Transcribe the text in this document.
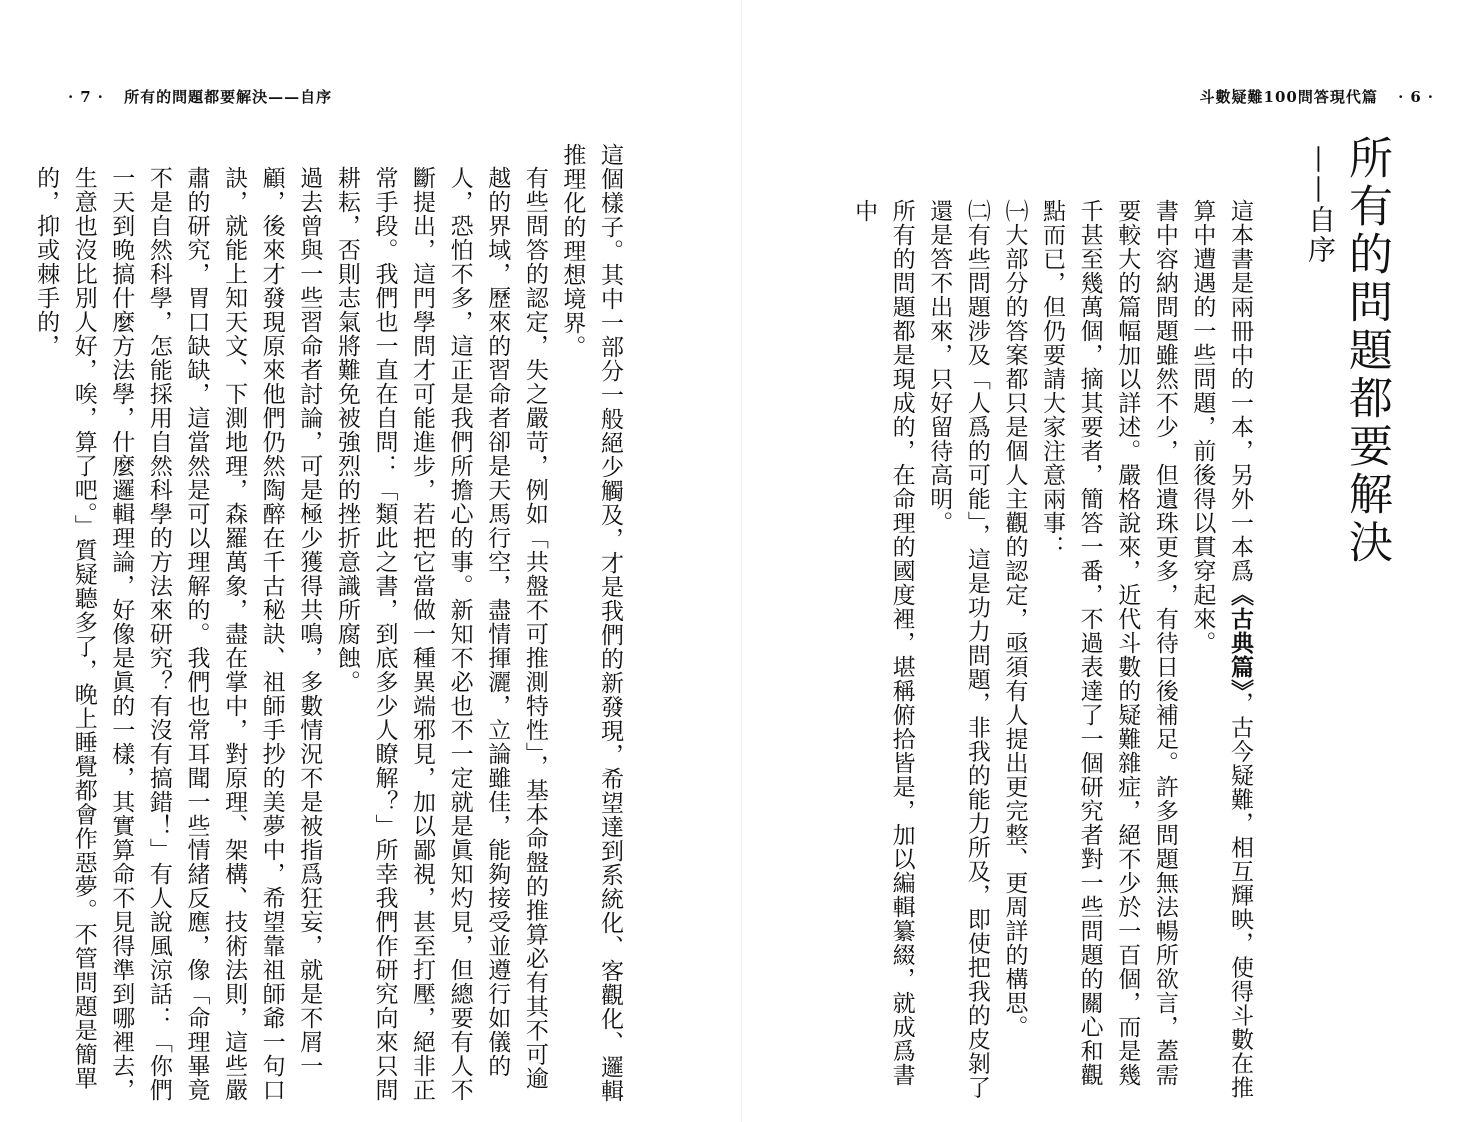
· 7 · 所有的問題都要解決——自序

這個樣子。其中一部分一般絕少觸及，才是我們的新發現，希望達到系統化、客觀化、邏輯推理化的理想境界。

有些問答的認定，失之嚴苛，例如「共盤不可推測特性」，基本命盤的推算必有其不可逾越的界域，歷來的習命者卻是天馬行空，盡情揮灑，立論雖佳，能夠接受並遵行如儀的人，恐怕不多，這正是我們所擔心的事。新知不必也不一定就是眞知灼見，但總要有人不斷提出，這門學問才可能進步，若把它當做一種異端邪見，加以鄙視，甚至打壓，絕非正常手段。我們也一直在自問：「類此之書，到底多少人瞭解？」所幸我們作研究向來只問耕耘，否則志氣將難免被強烈的挫折意識所腐蝕。

過去曾與一些習命者討論，可是極少獲得共鳴，多數情況不是被指爲狂妄，就是不屑一顧，後來才發現原來他們仍然陶醉在千古秘訣、祖師手抄的美夢中，希望靠祖師爺一句口訣，就能上知天文、下測地理，森羅萬象，盡在掌中，對原理、架構、技術法則，這些嚴肅的研究，胃口缺缺，這當然是可以理解的。我們也常耳聞一些情緒反應，像「命理畢竟不是自然科學，怎能採用自然科學的方法來研究？有沒有搞錯！」有人說風涼話：「你們一天到晚搞什麼方法學，什麼邏輯理論，好像是眞的一樣，其實算命不見得準到哪裡去，生意也沒比別人好，唉，算了吧。」質疑聽多了，晚上睡覺都會作惡夢。不管問題是簡單的，抑或棘手的，

斗數疑難100問答現代篇 · 6 ·
所有的問題都要解決
——自序

這本書是兩冊中的一本，另外一本爲《古典篇》，古今疑難，相互輝映，使得斗數在推算中遭遇的一些問題，前後得以貫穿起來。

書中容納問題雖然不少，但遺珠更多，有待日後補足。許多問題無法暢所欲言，蓋需要較大的篇幅加以詳述。嚴格說來，近代斗數的疑難雜症，絕不少於一百個，而是幾千甚至幾萬個，摘其要者，簡答一番，不過表達了一個研究者對一些問題的關心和觀點而已，但仍要請大家注意兩事：

㈠大部分的答案都只是個人主觀的認定，亟須有人提出更完整、更周詳的構思。

㈡有些問題涉及「人爲的可能」，這是功力問題，非我的能力所及，即使把我的皮剝了還是答不出來，只好留待高明。

所有的問題都是現成的，在命理的國度裡，堪稱俯拾皆是，加以編輯纂綴，就成爲書中
